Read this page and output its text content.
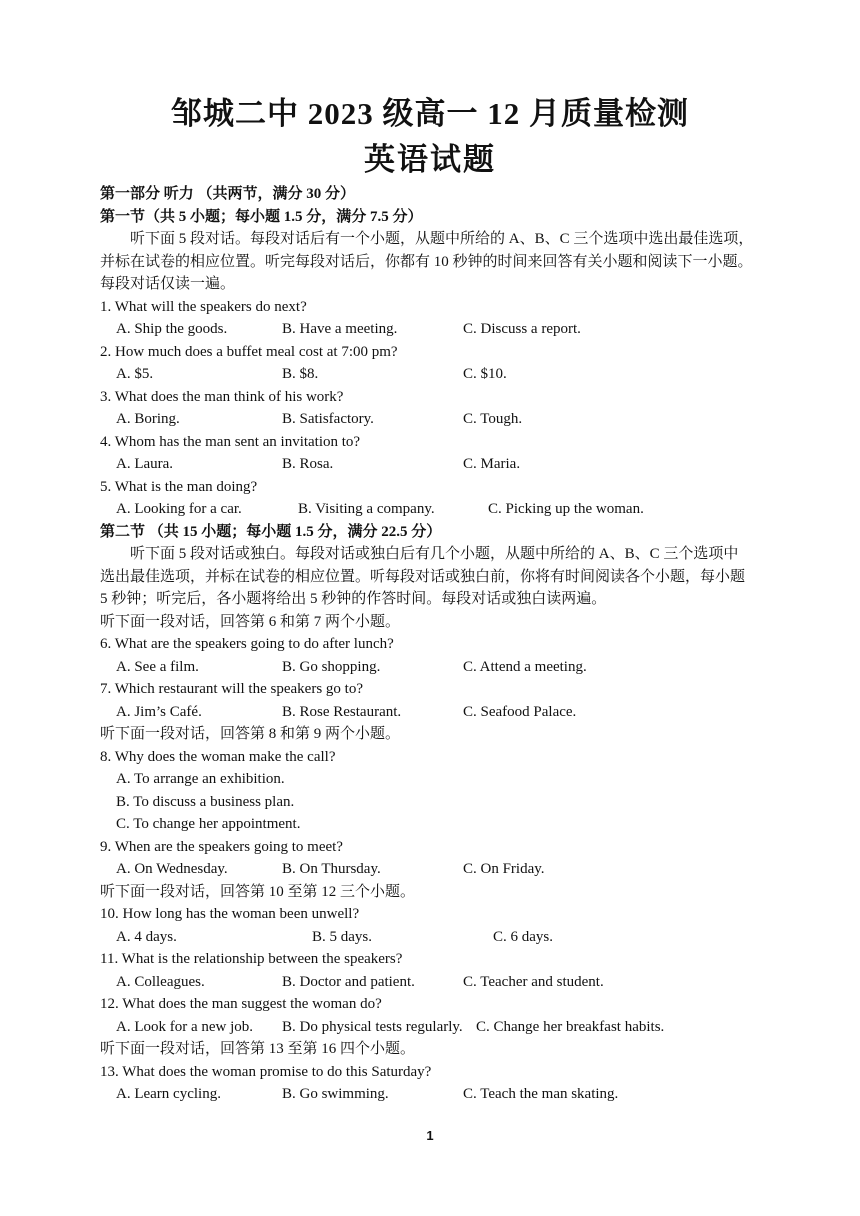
邹城二中 2023 级高一 12 月质量检测
英语试题
第一部分 听力 （共两节，满分 30 分）
第一节（共 5 小题；每小题 1.5 分，满分 7.5 分）
听下面 5 段对话。每段对话后有一个小题，从题中所给的 A、B、C 三个选项中选出最佳选项，
并标在试卷的相应位置。听完每段对话后，你都有 10 秒钟的时间来回答有关小题和阅读下一小题。
每段对话仅读一遍。
1. What will the speakers do next?
A. Ship the goods.	B. Have a meeting.	C. Discuss a report.
2. How much does a buffet meal cost at 7:00 pm?
A. $5.	B. $8.	C. $10.
3. What does the man think of his work?
A. Boring.	B. Satisfactory.	C. Tough.
4. Whom has the man sent an invitation to?
A. Laura.	B. Rosa.	C. Maria.
5. What is the man doing?
A. Looking for a car.	B. Visiting a company.	C. Picking up the woman.
第二节 （共 15 小题；每小题 1.5 分，满分 22.5 分）
听下面 5 段对话或独白。每段对话或独白后有几个小题，从题中所给的 A、B、C 三个选项中
选出最佳选项，并标在试卷的相应位置。听每段对话或独白前，你将有时间阅读各个小题，每小题
5 秒钟；听完后，各小题将给出 5 秒钟的作答时间。每段对话或独白读两遍。
听下面一段对话，回答第 6 和第 7 两个小题。
6. What are the speakers going to do after lunch?
A. See a film.	B. Go shopping.	C. Attend a meeting.
7. Which restaurant will the speakers go to?
A. Jim’s Café.	B. Rose Restaurant.	C. Seafood Palace.
听下面一段对话，回答第 8 和第 9 两个小题。
8. Why does the woman make the call?
A. To arrange an exhibition.
B. To discuss a business plan.
C. To change her appointment.
9. When are the speakers going to meet?
A. On Wednesday.	B. On Thursday.	C. On Friday.
听下面一段对话，回答第 10 至第 12 三个小题。
10. How long has the woman been unwell?
A. 4 days.	B. 5 days.	C. 6 days.
11. What is the relationship between the speakers?
A. Colleagues.	B. Doctor and patient.	C. Teacher and student.
12. What does the man suggest the woman do?
A. Look for a new job. B. Do physical tests regularly. C. Change her breakfast habits.
听下面一段对话，回答第 13 至第 16 四个小题。
13. What does the woman promise to do this Saturday?
A. Learn cycling.	B. Go swimming.	C. Teach the man skating.
1
